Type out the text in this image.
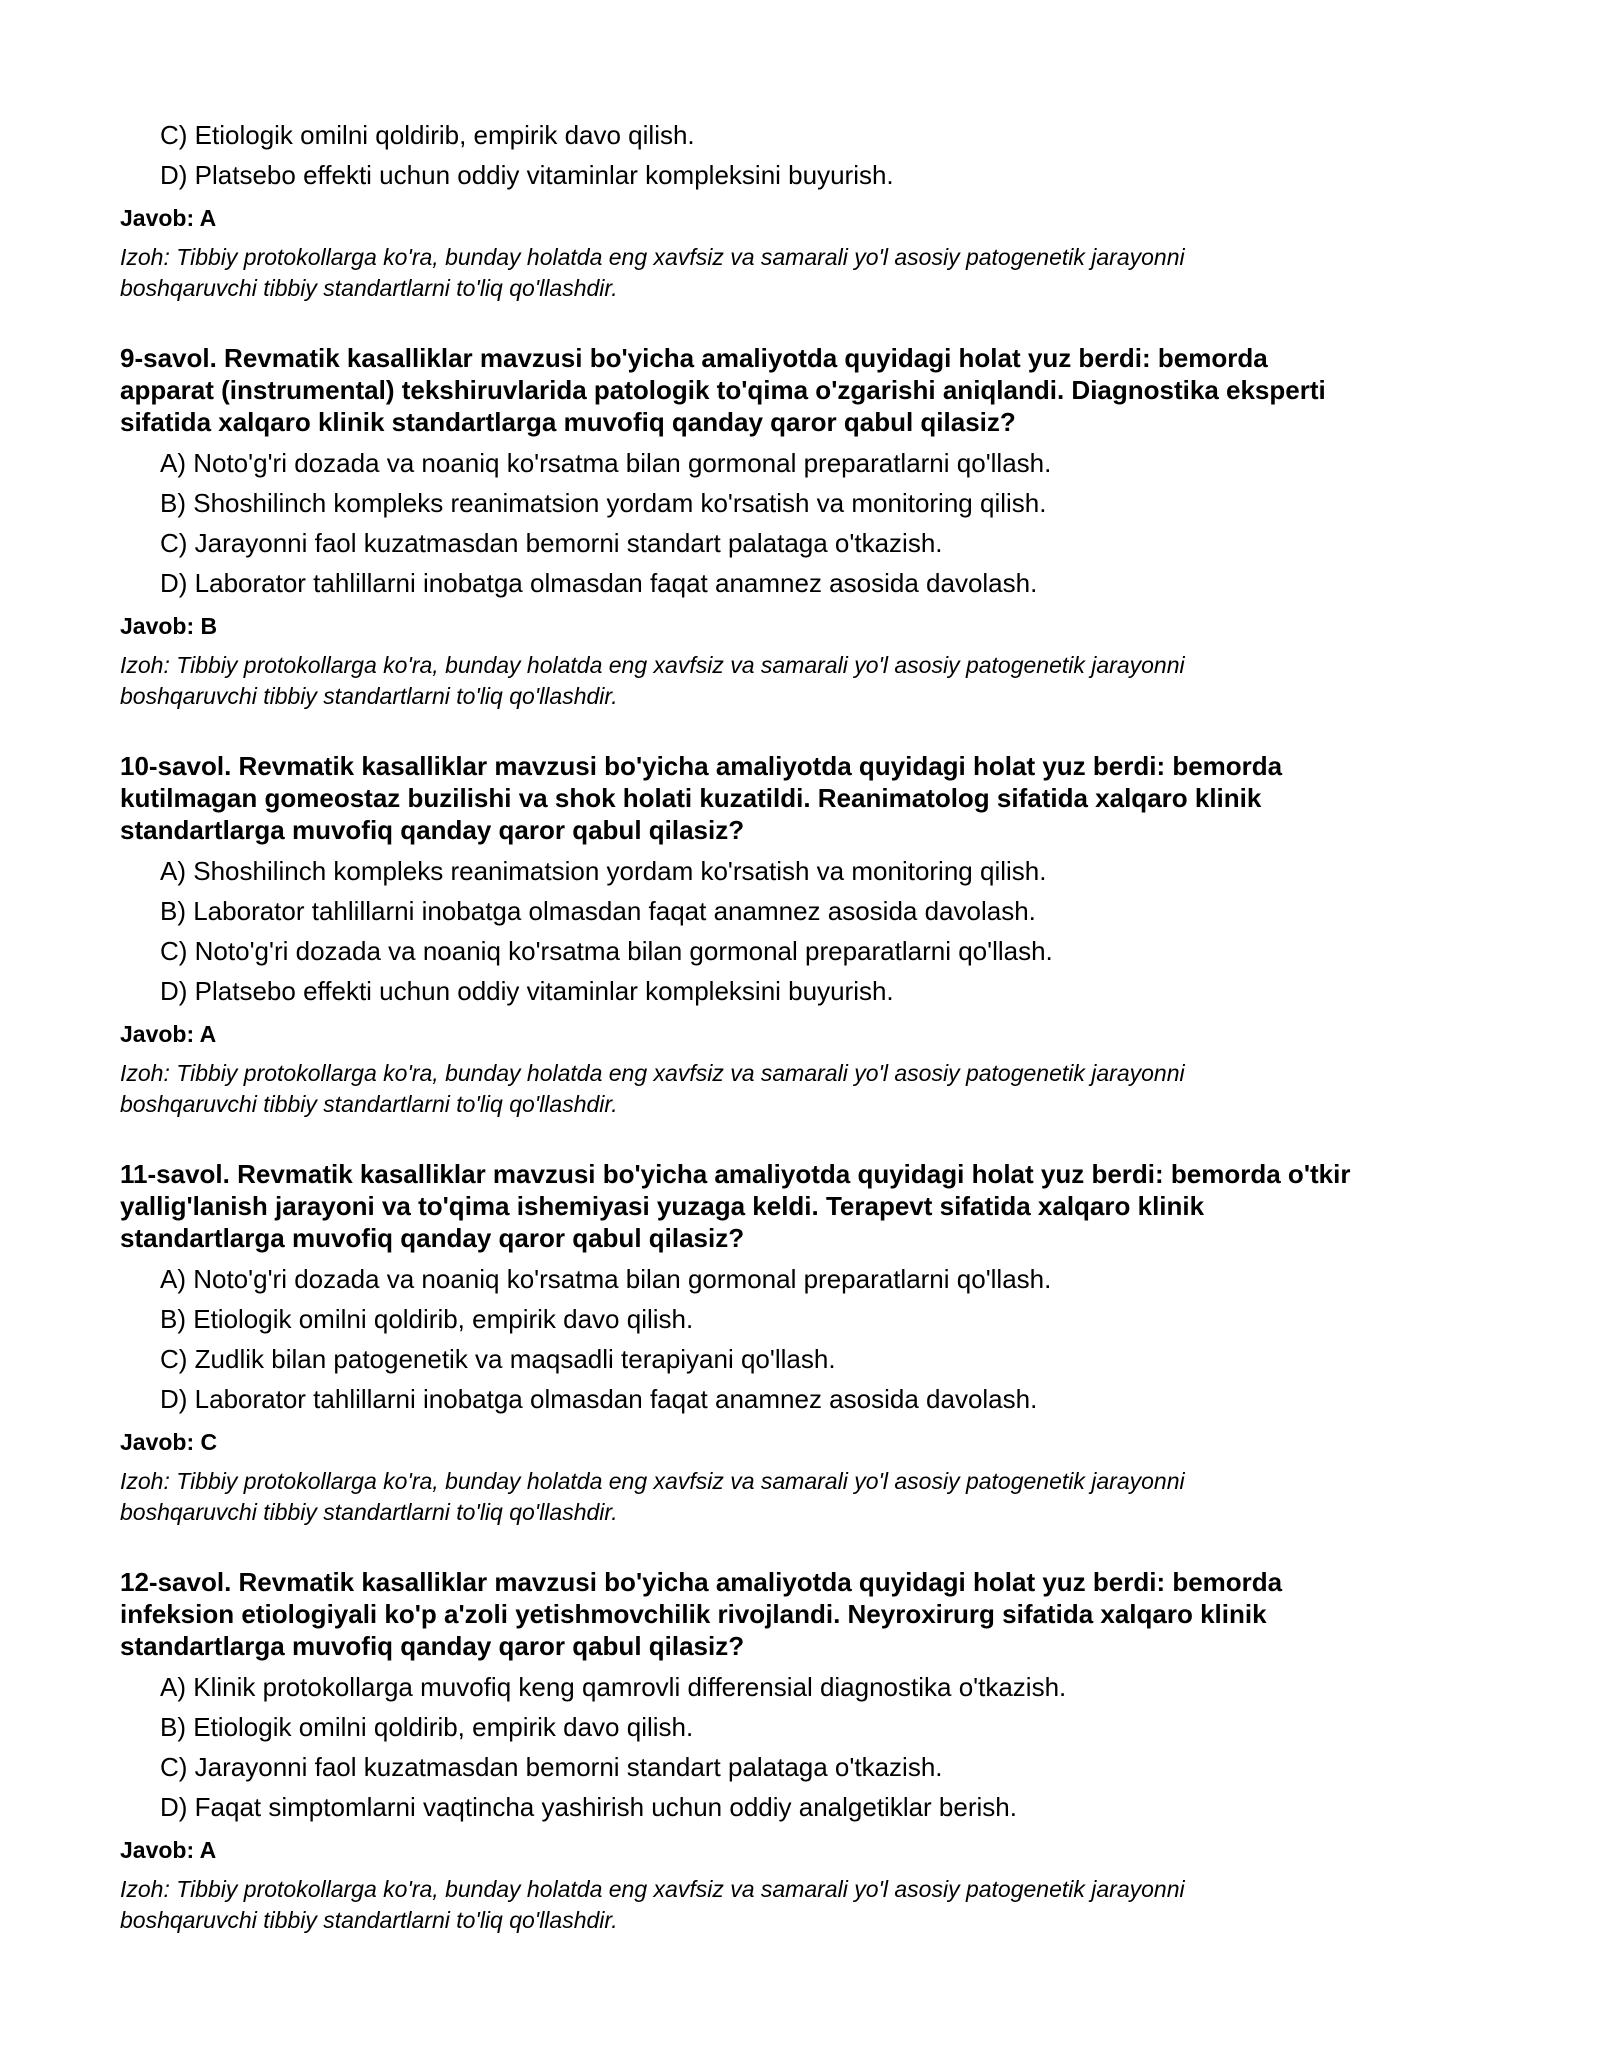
C) Etiologik omilni qoldirib, empirik davo qilish.
D) Platsebo effekti uchun oddiy vitaminlar kompleksini buyurish.
Javob: A
Izoh: Tibbiy protokollarga ko'ra, bunday holatda eng xavfsiz va samarali yo'l asosiy patogenetik jarayonni
boshqaruvchi tibbiy standartlarni to'liq qo'llashdir.
9-savol. Revmatik kasalliklar mavzusi bo'yicha amaliyotda quyidagi holat yuz berdi: bemorda
apparat (instrumental) tekshiruvlarida patologik to'qima o'zgarishi aniqlandi. Diagnostika eksperti
sifatida xalqaro klinik standartlarga muvofiq qanday qaror qabul qilasiz?
A) Noto'g'ri dozada va noaniq ko'rsatma bilan gormonal preparatlarni qo'llash.
B) Shoshilinch kompleks reanimatsion yordam ko'rsatish va monitoring qilish.
C) Jarayonni faol kuzatmasdan bemorni standart palataga o'tkazish.
D) Laborator tahlillarni inobatga olmasdan faqat anamnez asosida davolash.
Javob: B
Izoh: Tibbiy protokollarga ko'ra, bunday holatda eng xavfsiz va samarali yo'l asosiy patogenetik jarayonni
boshqaruvchi tibbiy standartlarni to'liq qo'llashdir.
10-savol. Revmatik kasalliklar mavzusi bo'yicha amaliyotda quyidagi holat yuz berdi: bemorda
kutilmagan gomeostaz buzilishi va shok holati kuzatildi. Reanimatolog sifatida xalqaro klinik
standartlarga muvofiq qanday qaror qabul qilasiz?
A) Shoshilinch kompleks reanimatsion yordam ko'rsatish va monitoring qilish.
B) Laborator tahlillarni inobatga olmasdan faqat anamnez asosida davolash.
C) Noto'g'ri dozada va noaniq ko'rsatma bilan gormonal preparatlarni qo'llash.
D) Platsebo effekti uchun oddiy vitaminlar kompleksini buyurish.
Javob: A
Izoh: Tibbiy protokollarga ko'ra, bunday holatda eng xavfsiz va samarali yo'l asosiy patogenetik jarayonni
boshqaruvchi tibbiy standartlarni to'liq qo'llashdir.
11-savol. Revmatik kasalliklar mavzusi bo'yicha amaliyotda quyidagi holat yuz berdi: bemorda o'tkir
yallig'lanish jarayoni va to'qima ishemiyasi yuzaga keldi. Terapevt sifatida xalqaro klinik
standartlarga muvofiq qanday qaror qabul qilasiz?
A) Noto'g'ri dozada va noaniq ko'rsatma bilan gormonal preparatlarni qo'llash.
B) Etiologik omilni qoldirib, empirik davo qilish.
C) Zudlik bilan patogenetik va maqsadli terapiyani qo'llash.
D) Laborator tahlillarni inobatga olmasdan faqat anamnez asosida davolash.
Javob: C
Izoh: Tibbiy protokollarga ko'ra, bunday holatda eng xavfsiz va samarali yo'l asosiy patogenetik jarayonni
boshqaruvchi tibbiy standartlarni to'liq qo'llashdir.
12-savol. Revmatik kasalliklar mavzusi bo'yicha amaliyotda quyidagi holat yuz berdi: bemorda
infeksion etiologiyali ko'p a'zoli yetishmovchilik rivojlandi. Neyroxirurg sifatida xalqaro klinik
standartlarga muvofiq qanday qaror qabul qilasiz?
A) Klinik protokollarga muvofiq keng qamrovli differensial diagnostika o'tkazish.
B) Etiologik omilni qoldirib, empirik davo qilish.
C) Jarayonni faol kuzatmasdan bemorni standart palataga o'tkazish.
D) Faqat simptomlarni vaqtincha yashirish uchun oddiy analgetiklar berish.
Javob: A
Izoh: Tibbiy protokollarga ko'ra, bunday holatda eng xavfsiz va samarali yo'l asosiy patogenetik jarayonni
boshqaruvchi tibbiy standartlarni to'liq qo'llashdir.
